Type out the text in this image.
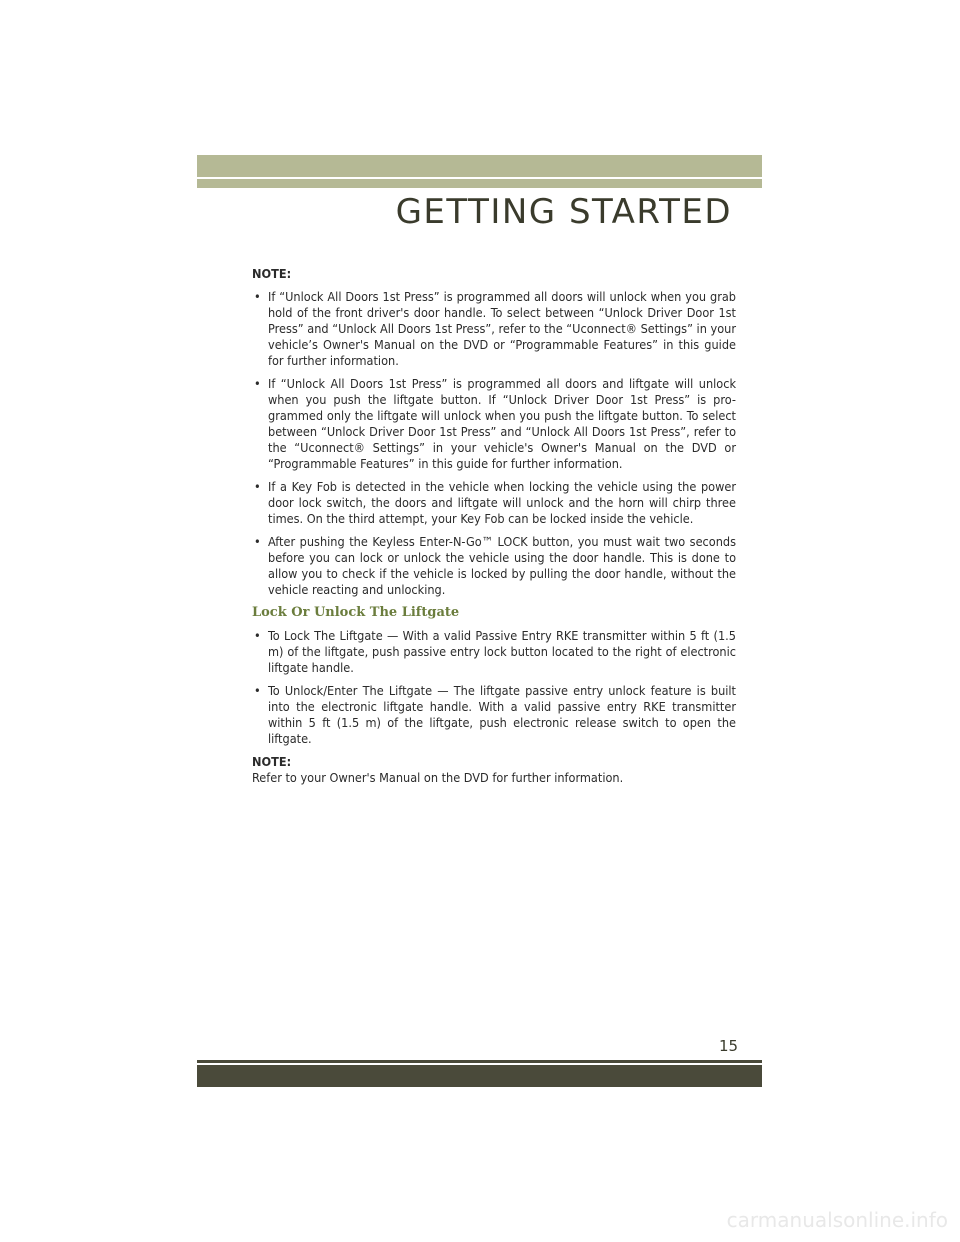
GETTING STARTED

NOTE:

• If “Unlock All Doors 1st Press” is programmed all doors will unlock when you grab hold of the front driver's door handle. To select between “Unlock Driver Door 1st Press” and “Unlock All Doors 1st Press”, refer to the “Uconnect® Settings” in your vehicle’s Owner's Manual on the DVD or “Programmable Features” in this guide for further information.
• If “Unlock All Doors 1st Press” is programmed all doors and liftgate will unlock when you push the liftgate button. If “Unlock Driver Door 1st Press” is pro-grammed only the liftgate will unlock when you push the liftgate button. To select between “Unlock Driver Door 1st Press” and “Unlock All Doors 1st Press”, refer to the “Uconnect® Settings” in your vehicle's Owner's Manual on the DVD or “Programmable Features” in this guide for further information.
• If a Key Fob is detected in the vehicle when locking the vehicle using the power door lock switch, the doors and liftgate will unlock and the horn will chirp three times. On the third attempt, your Key Fob can be locked inside the vehicle.
• After pushing the Keyless Enter-N-Go™ LOCK button, you must wait two seconds before you can lock or unlock the vehicle using the door handle. This is done to allow you to check if the vehicle is locked by pulling the door handle, without the vehicle reacting and unlocking.
Lock Or Unlock The Liftgate
• To Lock The Liftgate — With a valid Passive Entry RKE transmitter within 5 ft (1.5 m) of the liftgate, push passive entry lock button located to the right of electronic liftgate handle.
• To Unlock/Enter The Liftgate — The liftgate passive entry unlock feature is built into the electronic liftgate handle. With a valid passive entry RKE transmitter within 5 ft (1.5 m) of the liftgate, push electronic release switch to open the liftgate.

NOTE:

Refer to your Owner's Manual on the DVD for further information.
15
carmanualsonline.info
